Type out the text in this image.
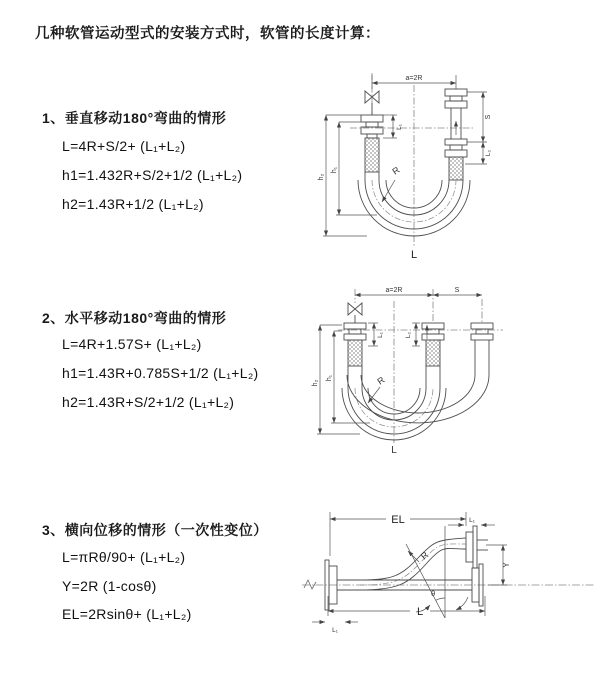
几种软管运动型式的安装方式时，软管的长度计算：
1、垂直移动180°弯曲的情形
L=4R+S/2+ (L₁+L₂)
h1=1.432R+S/2+1/2 (L₁+L₂)
h2=1.43R+1/2 (L₁+L₂)
2、水平移动180°弯曲的情形
L=4R+1.57S+ (L₁+L₂)
h1=1.43R+0.785S+1/2 (L₁+L₂)
h2=1.43R+S/2+1/2 (L₁+L₂)
3、横向位移的情形（一次性变位）
L=πRθ/90+ (L₁+L₂)
Y=2R (1-cosθ)
EL=2Rsinθ+ (L₁+L₂)
a=2R
h₂
h₁
S
L₂
L₁
R
L
a=2R	S
h₂
h₁
L₁	L₂
R
L
EL	L₁
Y
L
L₁
R
θ
